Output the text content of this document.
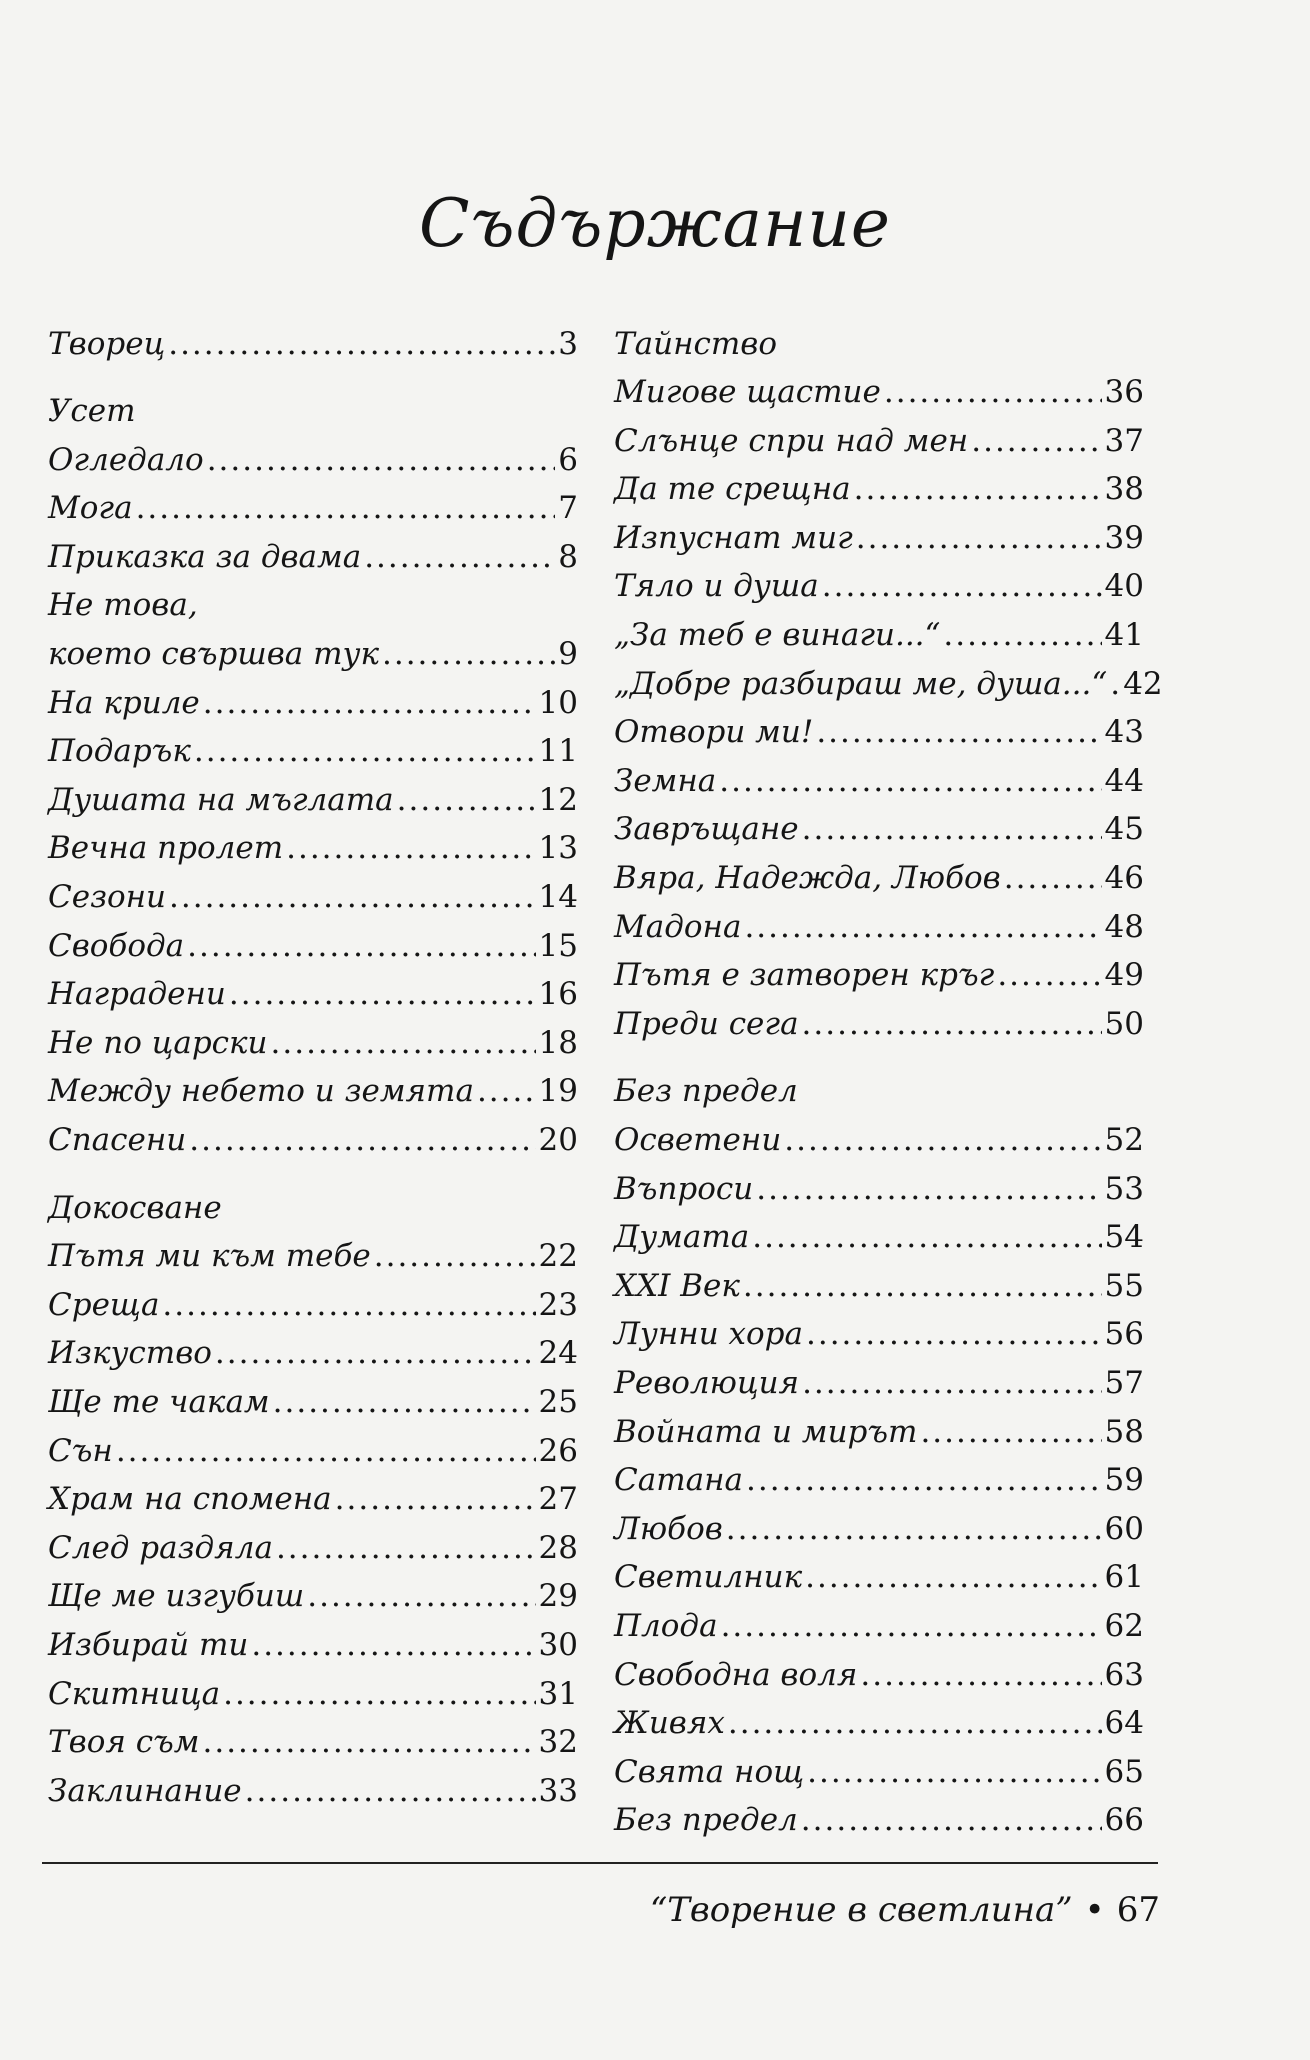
Съдържание
Творец .....	3
Усет
Огледало .....	6
Мога .....	7
Приказка за двама .....	8
Не това,
което свършва тук .....	9
На криле .....	10
Подарък .....	11
Душата на мъглата .....	12
Вечна пролет .....	13
Сезони .....	14
Свобода .....	15
Наградени .....	16
Не по царски .....	18
Между небето и земята ..... 19
Спасени .....	20
Докосване
Пътя ми към тебе .....	22
Среща .....	23
Изкуство .....	24
Ще те чакам .....	25
Сън .....	26
Храм на спомена .....	27
След раздяла .....	28
Ще ме изгубиш .....	29
Избирай ти .....	30
Скитница .....	31
Твоя съм .....	32
Заклинание .....	33
Тайнство
Мигове щастие .....	36
Слънце спри над мен .....	37
Да те срещна .....	38
Изпуснат миг .....	39
Тяло и душа .....	40
„За теб е винаги...“ .....	41
„Добре разбираш ме, душа...“ ..... 42
Отвори ми! .....	43
Земна .....	44
Завръщане .....	45
Вяра, Надежда, Любов .....	46
Мадона .....	48
Пътя е затворен кръг .....	49
Преди сега .....	50
Без предел
Осветени .....	52
Въпроси .....	53
Думата .....	54
XXI Век .....	55
Лунни хора .....	56
Революция .....	57
Войната и мирът .....	58
Сатана .....	59
Любов .....	60
Светилник .....	61
Плода .....	62
Свободна воля .....	63
Живях .....	64
Свята нощ .....	65
Без предел .....	66
“Творение в светлина” • 67
